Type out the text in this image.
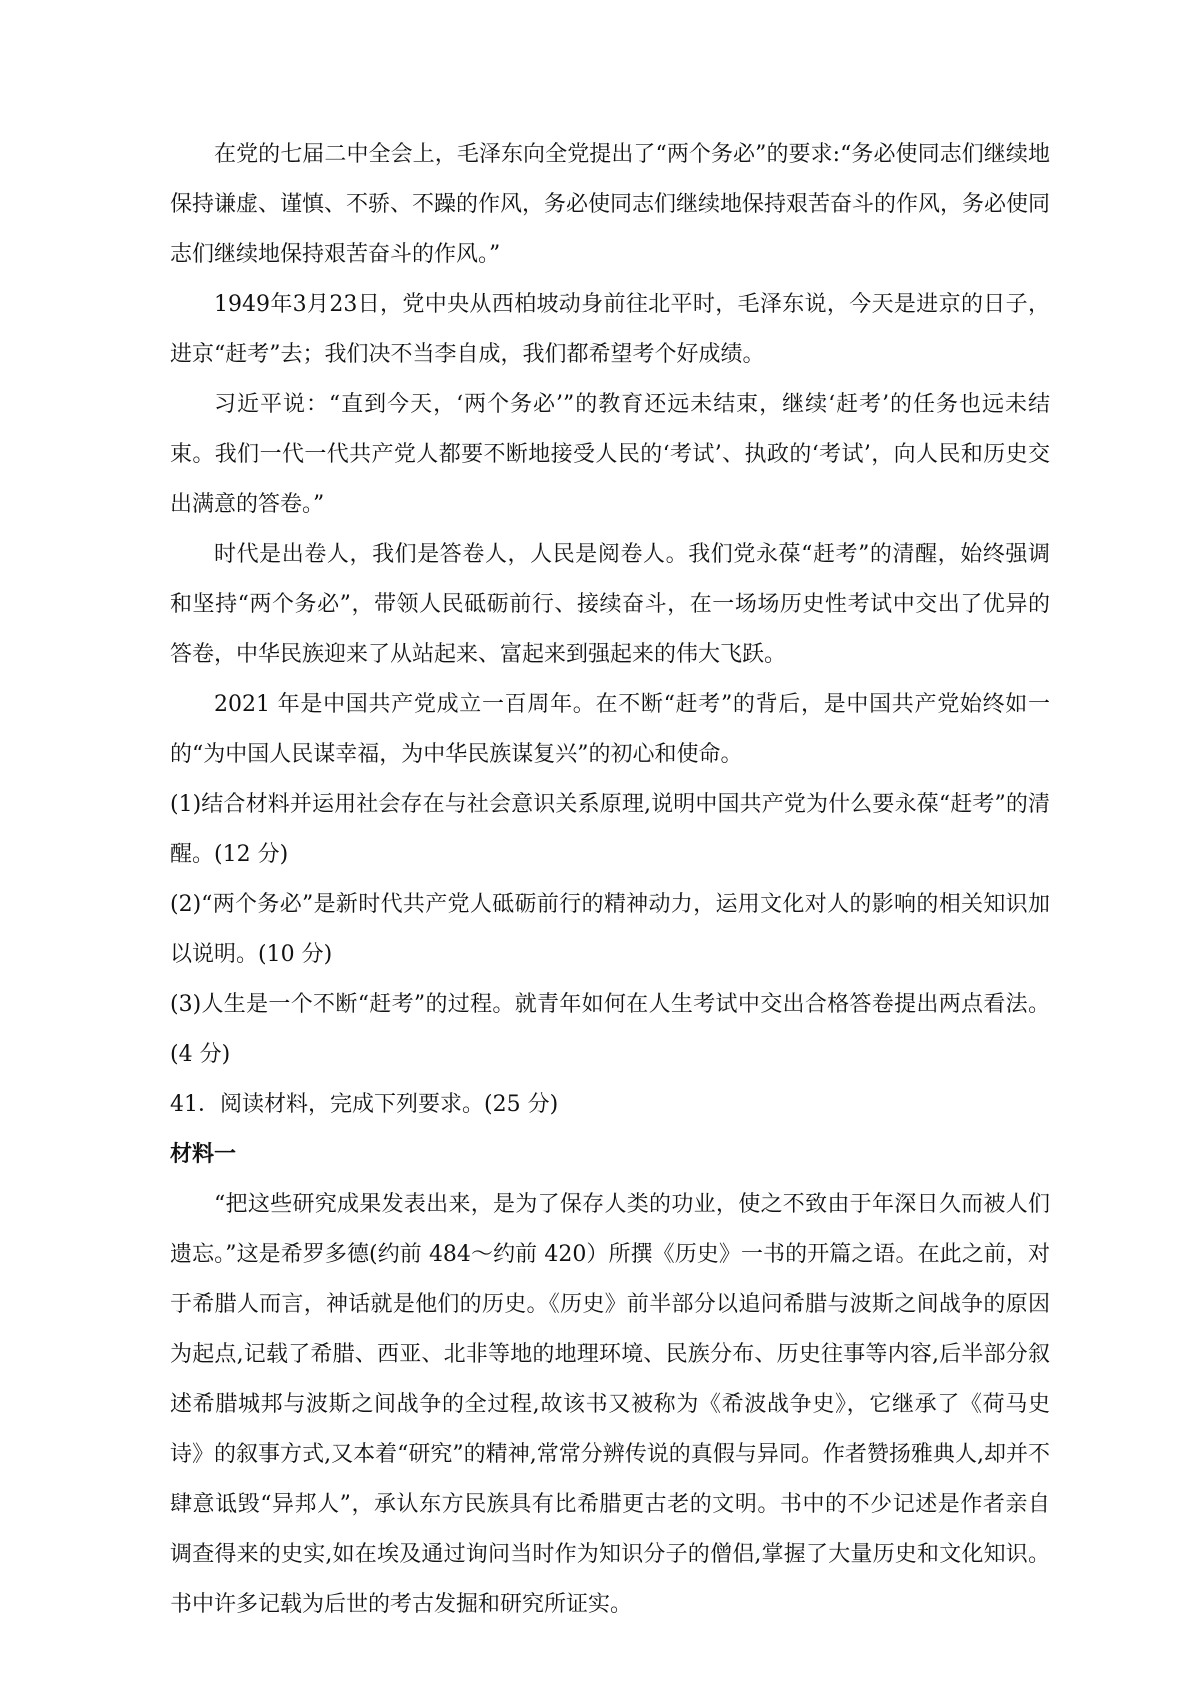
在党的七届二中全会上，毛泽东向全党提出了“两个务必”的要求:“务必使同志们继续地保持谦虚、谨慎、不骄、不躁的作风，务必使同志们继续地保持艰苦奋斗的作风，务必使同志们继续地保持艰苦奋斗的作风。”

1949年3月23日，党中央从西柏坡动身前往北平时，毛泽东说，今天是进京的日子，进京“赶考”去；我们决不当李自成，我们都希望考个好成绩。

习近平说：“直到今天，‘两个务必’”的教育还远未结束，继续‘赶考’的任务也远未结束。我们一代一代共产党人都要不断地接受人民的‘考试’、执政的‘考试’，向人民和历史交出满意的答卷。”

时代是出卷人，我们是答卷人，人民是阅卷人。我们党永葆“赶考”的清醒，始终强调和坚持“两个务必”，带领人民砥砺前行、接续奋斗，在一场场历史性考试中交出了优异的答卷，中华民族迎来了从站起来、富起来到强起来的伟大飞跃。

2021 年是中国共产党成立一百周年。在不断“赶考”的背后，是中国共产党始终如一的“为中国人民谋幸福，为中华民族谋复兴”的初心和使命。

(1)结合材料并运用社会存在与社会意识关系原理,说明中国共产党为什么要永葆“赶考”的清醒。(12 分)

(2)“两个务必”是新时代共产党人砥砺前行的精神动力，运用文化对人的影响的相关知识加以说明。(10 分)

(3)人生是一个不断“赶考”的过程。就青年如何在人生考试中交出合格答卷提出两点看法。(4 分)

41．阅读材料，完成下列要求。(25 分)

材料一

“把这些研究成果发表出来，是为了保存人类的功业，使之不致由于年深日久而被人们遗忘。”这是希罗多德(约前 484～约前 420）所撰《历史》一书的开篇之语。在此之前，对于希腊人而言，神话就是他们的历史。《历史》前半部分以追问希腊与波斯之间战争的原因为起点,记载了希腊、西亚、北非等地的地理环境、民族分布、历史往事等内容,后半部分叙述希腊城邦与波斯之间战争的全过程,故该书又被称为《希波战争史》，它继承了《荷马史诗》的叙事方式,又本着“研究”的精神,常常分辨传说的真假与异同。作者赞扬雅典人,却并不肆意诋毁“异邦人”，承认东方民族具有比希腊更古老的文明。书中的不少记述是作者亲自调查得来的史实,如在埃及通过询问当时作为知识分子的僧侣,掌握了大量历史和文化知识。书中许多记载为后世的考古发掘和研究所证实。
